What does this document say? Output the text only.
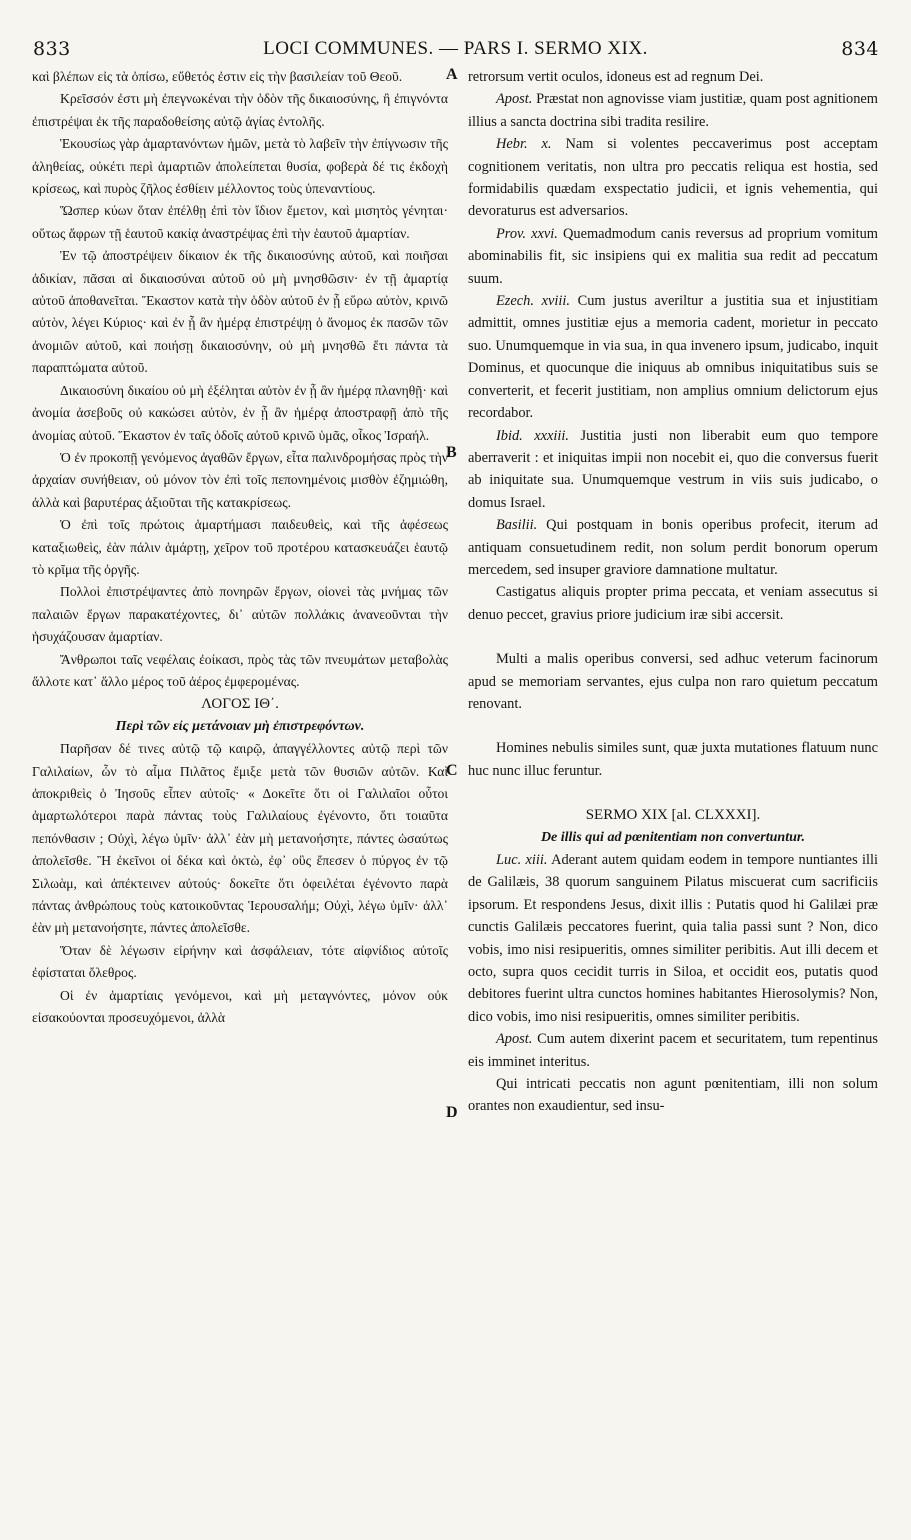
833	LOCI COMMUNES. — PARS I. SERMO XIX.	834
A
B
C
D

καὶ βλέπων εἰς τὰ ὀπίσω, εὔθετός ἐστιν εἰς τὴν βασιλείαν τοῦ Θεοῦ.

Κρεῖσσόν ἐστι μὴ ἐπεγνωκέναι τὴν ὁδὸν τῆς δικαιοσύνης, ἢ ἐπιγνόντα ἐπιστρέψαι ἐκ τῆς παραδοθείσης αὐτῷ ἁγίας ἐντολῆς.

Ἑκουσίως γὰρ ἁμαρτανόντων ἡμῶν, μετὰ τὸ λαβεῖν τὴν ἐπίγνωσιν τῆς ἀληθείας, οὐκέτι περὶ ἁμαρτιῶν ἀπολείπεται θυσία, φοβερὰ δέ τις ἐκδοχὴ κρίσεως, καὶ πυρὸς ζῆλος ἐσθίειν μέλλοντος τοὺς ὑπεναντίους.

Ὥσπερ κύων ὅταν ἐπέλθῃ ἐπὶ τὸν ἴδιον ἔμετον, καὶ μισητὸς γένηται· οὕτως ἄφρων τῇ ἑαυτοῦ κακίᾳ ἀναστρέψας ἐπὶ τὴν ἑαυτοῦ ἁμαρτίαν.

Ἐν τῷ ἀποστρέψειν δίκαιον ἐκ τῆς δικαιοσύνης αὐτοῦ, καὶ ποιῆσαι ἀδικίαν, πᾶσαι αἱ δικαιοσύναι αὐτοῦ οὐ μὴ μνησθῶσιν· ἐν τῇ ἁμαρτίᾳ αὐτοῦ ἀποθανεῖται. Ἕκαστον κατὰ τὴν ὁδὸν αὐτοῦ ἐν ᾗ εὕρω αὐτὸν, κρινῶ αὐτὸν, λέγει Κύριος· καὶ ἐν ᾗ ἂν ἡμέρᾳ ἐπιστρέψῃ ὁ ἄνομος ἐκ πασῶν τῶν ἀνομιῶν αὐτοῦ, καὶ ποιήσῃ δικαιοσύνην, οὐ μὴ μνησθῶ ἔτι πάντα τὰ παραπτώματα αὐτοῦ.

Δικαιοσύνη δικαίου οὐ μὴ ἐξέληται αὐτὸν ἐν ᾗ ἂν ἡμέρᾳ πλανηθῇ· καὶ ἀνομία ἀσεβοῦς οὐ κακώσει αὐτὸν, ἐν ᾗ ἂν ἡμέρᾳ ἀποστραφῇ ἀπὸ τῆς ἀνομίας αὐτοῦ. Ἕκαστον ἐν ταῖς ὁδοῖς αὐτοῦ κρινῶ ὑμᾶς, οἶκος Ἰσραήλ.

Ὁ ἐν προκοπῇ γενόμενος ἀγαθῶν ἔργων, εἶτα παλινδρομήσας πρὸς τὴν ἀρχαίαν συνήθειαν, οὐ μόνον τὸν ἐπὶ τοῖς πεπονημένοις μισθὸν ἐζημιώθη, ἀλλὰ καὶ βαρυτέρας ἀξιοῦται τῆς κατακρίσεως.

Ὁ ἐπὶ τοῖς πρώτοις ἁμαρτήμασι παιδευθεὶς, καὶ τῆς ἀφέσεως καταξιωθεὶς, ἐὰν πάλιν ἁμάρτῃ, χεῖρον τοῦ προτέρου κατασκευάζει ἑαυτῷ τὸ κρῖμα τῆς ὀργῆς.

Πολλοὶ ἐπιστρέψαντες ἀπὸ πονηρῶν ἔργων, οἱονεὶ τὰς μνήμας τῶν παλαιῶν ἔργων παρακατέχοντες, δι᾽ αὐτῶν πολλάκις ἀνανεοῦνται τὴν ἡσυχάζουσαν ἁμαρτίαν.

Ἄνθρωποι ταῖς νεφέλαις ἐοίκασι, πρὸς τὰς τῶν πνευμάτων μεταβολὰς ἄλλοτε κατ᾽ ἄλλο μέρος τοῦ ἀέρος ἐμφερομένας.

ΛΟΓΟΣ ΙΘ΄.

Περὶ τῶν εἰς μετάνοιαν μὴ ἐπιστρεφόντων.

Παρῆσαν δέ τινες αὐτῷ τῷ καιρῷ, ἀπαγγέλλοντες αὐτῷ περὶ τῶν Γαλιλαίων, ὧν τὸ αἷμα Πιλᾶτος ἔμιξε μετὰ τῶν θυσιῶν αὐτῶν. Καὶ ἀποκριθεὶς ὁ Ἰησοῦς εἶπεν αὐτοῖς· « Δοκεῖτε ὅτι οἱ Γαλιλαῖοι οὗτοι ἁμαρτωλότεροι παρὰ πάντας τοὺς Γαλιλαίους ἐγένοντο, ὅτι τοιαῦτα πεπόνθασιν ; Οὐχὶ, λέγω ὑμῖν· ἀλλ᾽ ἐὰν μὴ μετανοήσητε, πάντες ὡσαύτως ἀπολεῖσθε. Ἢ ἐκεῖνοι οἱ δέκα καὶ ὀκτὼ, ἐφ᾽ οὓς ἔπεσεν ὁ πύργος ἐν τῷ Σιλωὰμ, καὶ ἀπέκτεινεν αὐτούς· δοκεῖτε ὅτι ὀφειλέται ἐγένοντο παρὰ πάντας ἀνθρώπους τοὺς κατοικοῦντας Ἱερουσαλήμ; Οὐχὶ, λέγω ὑμῖν· ἀλλ᾽ ἐὰν μὴ μετανοήσητε, πάντες ἀπολεῖσθε.

Ὅταν δὲ λέγωσιν εἰρήνην καὶ ἀσφάλειαν, τότε αἰφνίδιος αὐτοῖς ἐφίσταται ὄλεθρος.

Οἱ ἐν ἁμαρτίαις γενόμενοι, καὶ μὴ μεταγνόντες, μόνον οὐκ εἰσακούονται προσευχόμενοι, ἀλλὰ

retrorsum vertit oculos, idoneus est ad regnum Dei.

Apost. Præstat non agnovisse viam justitiæ, quam post agnitionem illius a sancta doctrina sibi tradita resilire.

Hebr. x. Nam si volentes peccaverimus post acceptam cognitionem veritatis, non ultra pro peccatis reliqua est hostia, sed formidabilis quædam exspectatio judicii, et ignis vehementia, qui devoraturus est adversarios.

Prov. xxvi. Quemadmodum canis reversus ad proprium vomitum abominabilis fit, sic insipiens qui ex malitia sua redit ad peccatum suum.

Ezech. xviii. Cum justus averiltur a justitia sua et injustitiam admittit, omnes justitiæ ejus a memoria cadent, morietur in peccato suo. Unumquemque in via sua, in qua invenero ipsum, judicabo, inquit Dominus, et quocunque die iniquus ab omnibus iniquitatibus suis se converterit, et fecerit justitiam, non amplius omnium delictorum ejus recordabor.

Ibid. xxxiii. Justitia justi non liberabit eum quo tempore aberraverit : et iniquitas impii non nocebit ei, quo die conversus fuerit ab iniquitate sua. Unumquemque vestrum in viis suis judicabo, o domus Israel.

Basilii. Qui postquam in bonis operibus profecit, iterum ad antiquam consuetudinem redit, non solum perdit bonorum operum mercedem, sed insuper graviore damnatione multatur.

Castigatus aliquis propter prima peccata, et veniam assecutus si denuo peccet, gravius priore judicium iræ sibi accersit.

Multi a malis operibus conversi, sed adhuc veterum facinorum apud se memoriam servantes, ejus culpa non raro quietum peccatum renovant.

Homines nebulis similes sunt, quæ juxta mutationes flatuum nunc huc nunc illuc feruntur.

SERMO XIX [al. CLXXXI].

De illis qui ad pœnitentiam non convertuntur.

Luc. xiii. Aderant autem quidam eodem in tempore nuntiantes illi de Galilæis, 38 quorum sanguinem Pilatus miscuerat cum sacrificiis ipsorum. Et respondens Jesus, dixit illis : Putatis quod hi Galilæi præ cunctis Galilæis peccatores fuerint, quia talia passi sunt ? Non, dico vobis, imo nisi resipueritis, omnes similiter peribitis. Aut illi decem et octo, supra quos cecidit turris in Siloa, et occidit eos, putatis quod debitores fuerint ultra cunctos homines habitantes Hierosolymis? Non, dico vobis, imo nisi resipueritis, omnes similiter peribitis.

Apost. Cum autem dixerint pacem et securitatem, tum repentinus eis imminet interitus.

Qui intricati peccatis non agunt pœnitentiam, illi non solum orantes non exaudientur, sed insu-
